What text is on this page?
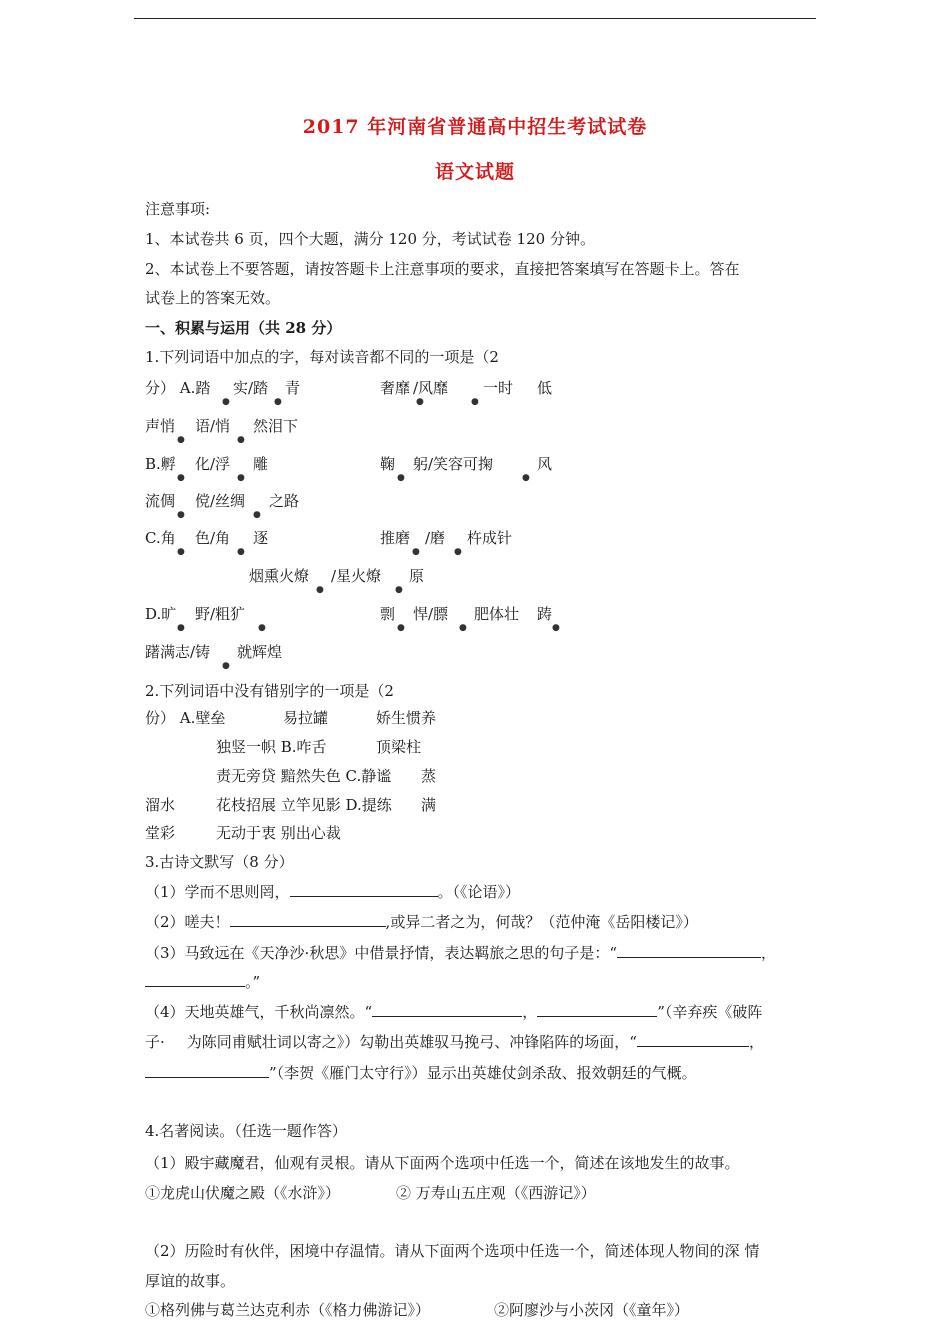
2017 年河南省普通高中招生考试试卷
语文试题
注意事项:
1、本试卷共 6 页，四个大题，满分 120 分，考试试卷 120 分钟。
2、本试卷上不要答题，请按答题卡上注意事项的要求，直接把答案填写在答题卡上。答在
试卷上的答案无效。
一、积累与运用（共 28 分）
1.下列词语中加点的字，每对读音都不同的一项是（2
分） A.踏 实/踏 青	奢靡 /风靡 一时 低
●	●	●	●
声悄 语/悄 然泪下
●	●
B.孵 化/浮 雕	鞠 躬/笑容可掬	风
●	●	●	●
流倜 傥/丝绸 之路
●	●
C.角 色/角 逐	推磨 /磨 杵成针
●	●	●	●
烟熏火燎 /星火燎 原
●	●
D.旷 野/粗犷	剽 悍/膘 肥体壮 踌
●	●	●	●	●
躇满志/铸 就辉煌
●
2.下列词语中没有错别字的一项是（2
份） A.壁垒	易拉罐	娇生惯养
独竖一帜 B.咋舌	顶梁柱
责无旁贷 黯然失色 C.静谧 蒸
溜水	花枝招展 立竿见影 D.提练 满
堂彩	无动于衷 别出心裁
3.古诗文默写（8 分）
（1）学而不思则罔，	。（《论语》）
（2）嗟夫！	,或异二者之为，何哉？（范仲淹《岳阳楼记》）
（3）马致远在《天净沙·秋思》中借景抒情，表达羁旅之思的句子是：“	，
。”
（4）天地英雄气，千秋尚凛然。“	，	”（辛弃疾《破阵
子· 为陈同甫赋壮词以寄之》）勾勒出英雄驭马挽弓、冲锋陷阵的场面，“	，
”（李贺《雁门太守行》）显示出英雄仗剑杀敌、报效朝廷的气概。
4.名著阅读。（任选一题作答）
（1）殿宇藏魔君，仙观有灵根。请从下面两个选项中任选一个，简述在该地发生的故事。
①龙虎山伏魔之殿（《水浒》）	② 万寿山五庄观（《西游记》）
（2）历险时有伙伴，困境中存温情。请从下面两个选项中任选一个，简述体现人物间的深 情
厚谊的故事。
①格列佛与葛兰达克利赤（《格力佛游记》）	②阿廖沙与小茨冈（《童年》）
